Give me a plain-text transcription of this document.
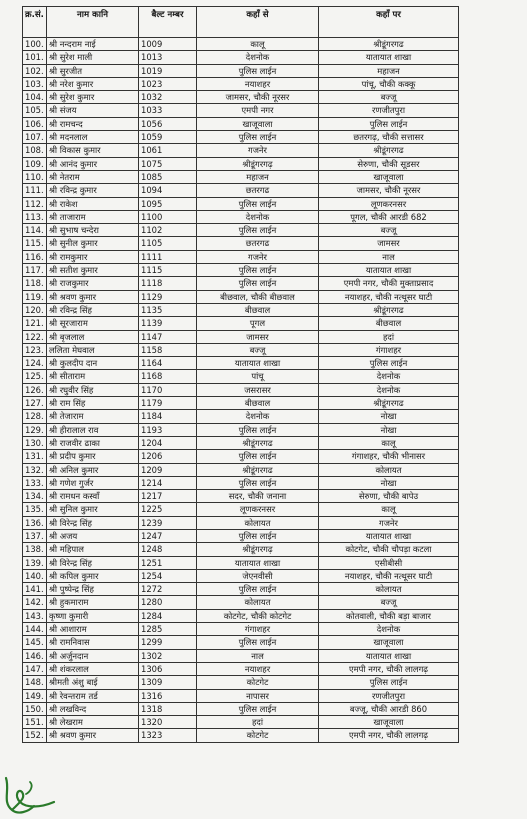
क्र.सं.	नाम कानि	बैल्ट नम्बर	कहाँ से	कहाँ पर
100.	श्री नन्दराम नाई	1009	कालू	श्रीडूंगरगढ
101.	श्री सुरेश माली	1013	देशनोक	यातायात शाखा
102.	श्री सुरजीत	1019	पुलिस लाईन	महाजन
103.	श्री नरेश कुमार	1023	नयाशहर	पांचू, चौकी कक्कू
104.	श्री सुरेश कुमार	1032	जामसर, चौकी नूरसर	बज्जू
105.	श्री संजय	1033	एमपी नगर	रणजीतपुरा
106.	श्री रामचन्द	1056	खाजूवाला	पुलिस लाईन
107.	श्री मदनलाल	1059	पुलिस लाईन	छतरगढ़, चौकी सत्तासर
108.	श्री विकास कुमार	1061	गजनेर	श्रीडूंगरगढ
109.	श्री आनंद कुमार	1075	श्रीडूंगरगढ़	सेरुणा, चौकी सूडसर
110.	श्री नेतराम	1085	महाजन	खाजूवाला
111.	श्री रविन्द्र कुमार	1094	छतरगढ	जामसर, चौकी नूरसर
112.	श्री राकेश	1095	पुलिस लाईन	लूणकरनसर
113.	श्री ताजाराम	1100	देशनोक	पूगल, चौकी आरडी 682
114.	श्री सुभाष चन्देरा	1102	पुलिस लाईन	बज्जू
115.	श्री सुनील कुमार	1105	छतरगढ	जामसर
116.	श्री रामकुमार	1111	गजनेर	नाल
117.	श्री सतीश कुमार	1115	पुलिस लाईन	यातायात शाखा
118.	श्री राजकुमार	1118	पुलिस लाईन	एमपी नगर, चौकी मुक्ताप्रसाद
119.	श्री श्रवण कुमार	1129	बीछवाल, चौकी बीछवाल	नयाशहर, चौकी नत्थूसर घाटी
120.	श्री रविन्द्र सिंह	1135	बीछवाल	श्रीडूंगरगढ
121.	श्री सूरजाराम	1139	पूगल	बीछवाल
122.	श्री बृजलाल	1147	जामसर	हदां
123.	ललिता मेघवाल	1158	बज्जू	गंगाशहर
124.	श्री कुलदीप दान	1164	यातायात शाखा	पुलिस लाईन
125.	श्री सीताराम	1168	पांचू	देशनोक
126.	श्री रघुवीर सिंह	1170	जसरासर	देशनोक
127.	श्री राम सिंह	1179	बीछवाल	श्रीडूंगरगढ
128.	श्री तेजाराम	1184	देशनोक	नोखा
129.	श्री हीरालाल राव	1193	पुलिस लाईन	नोखा
130.	श्री राजवीर ढाका	1204	श्रीडूंगरगढ	कालू
131.	श्री प्रदीप कुमार	1206	पुलिस लाईन	गंगाशहर, चौकी भीनासर
132.	श्री अनिल कुमार	1209	श्रीडूंगरगढ	कोलायत
133.	श्री गणेश गुर्जर	1214	पुलिस लाईन	नोखा
134.	श्री रामधन कस्वाँ	1217	सदर, चौकी जनाना	सेरुणा, चौकी बापेउ
135.	श्री सुनिल कुमार	1225	लूणकरनसर	कालू
136.	श्री विरेन्द्र सिंह	1239	कोलायत	गजनेर
137.	श्री अजय	1247	पुलिस लाईन	यातायात शाखा
138.	श्री महिपाल	1248	श्रीडूंगरगढ़	कोटगेट, चौकी चौपड़ा कटला
139.	श्री विरेन्द्र सिंह	1251	यातायात शाखा	एसीबीसी
140.	श्री कपिल कुमार	1254	जेएनवीसी	नयाशहर, चौकी नत्थूसर घाटी
141.	श्री पुष्पेन्द्र सिंह	1272	पुलिस लाईन	कोलायत
142.	श्री हुकमाराम	1280	कोलायत	बज्जू
143.	कृष्णा कुमारी	1284	कोटगेट, चौकी कोटगेट	कोतवाली, चौकी बड़ा बाजार
144.	श्री आशाराम	1285	गंगाशहर	देशनोक
145.	श्री रामनिवास	1299	पुलिस लाईन	खाजूवाला
146.	श्री अर्जुनदान	1302	नाल	यातायात शाखा
147.	श्री शंकरलाल	1306	नयाशहर	एमपी नगर, चौकी लालगढ़
148.	श्रीमती अंशु बाई	1309	कोटगेट	पुलिस लाईन
149.	श्री रेवन्तराम तर्ड	1316	नापासर	रणजीतपुरा
150.	श्री लखविन्द	1318	पुलिस लाईन	बज्जू, चौकी आरडी 860
151.	श्री लेखराम	1320	हदां	खाजूवाला
152.	श्री श्रवण कुमार	1323	कोटगेट	एमपी नगर, चौकी लालगढ़
